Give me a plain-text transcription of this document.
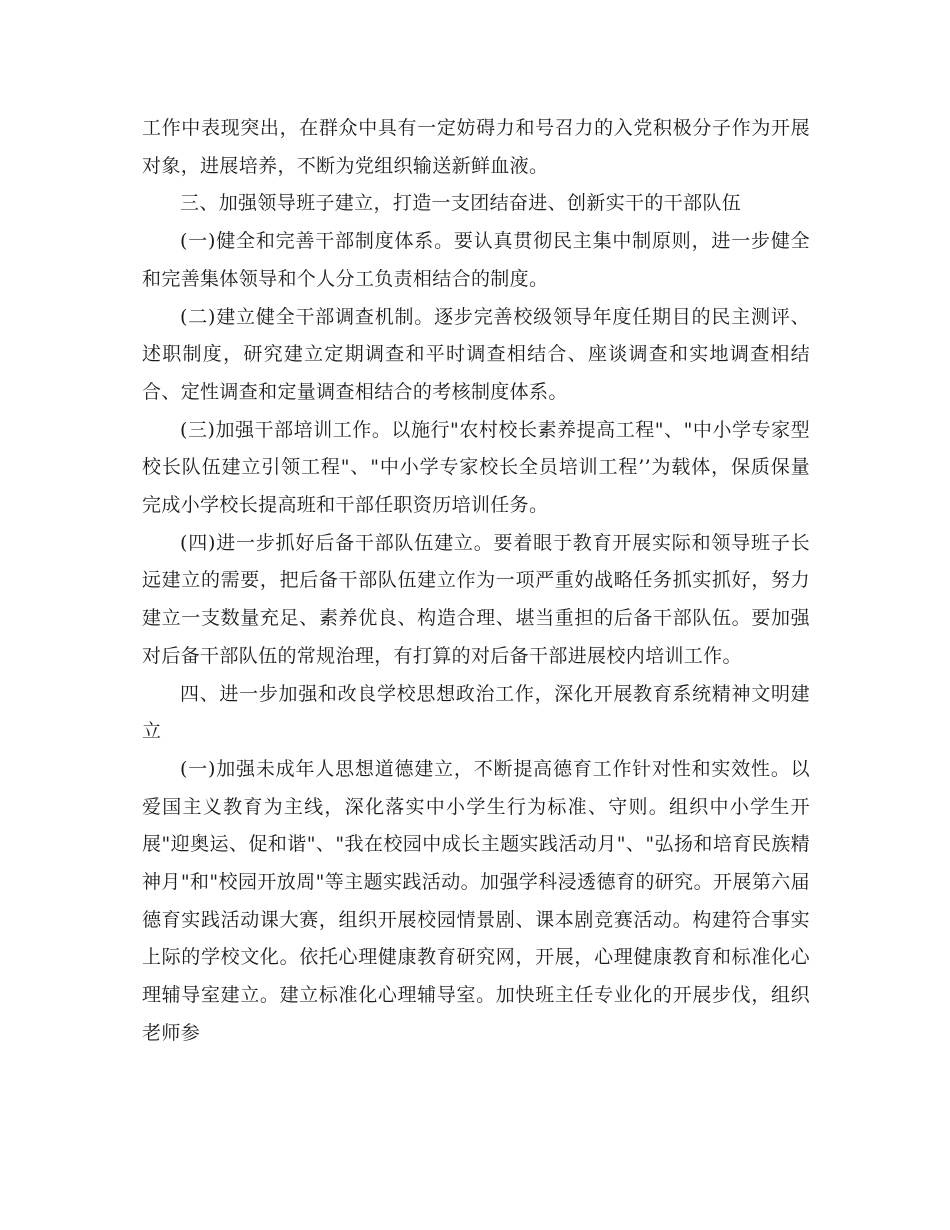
工作中表现突出，在群众中具有一定妨碍力和号召力的入党积极分子作为开展对象，进展培养，不断为党组织输送新鲜血液。

三、加强领导班子建立，打造一支团结奋进、创新实干的干部队伍

(一)健全和完善干部制度体系。要认真贯彻民主集中制原则，进一步健全和完善集体领导和个人分工负责相结合的制度。

(二)建立健全干部调查机制。逐步完善校级领导年度任期目的民主测评、述职制度，研究建立定期调查和平时调查相结合、座谈调查和实地调查相结合、定性调查和定量调查相结合的考核制度体系。

(三)加强干部培训工作。以施行"农村校长素养提高工程"、"中小学专家型校长队伍建立引领工程"、"中小学专家校长全员培训工程’’为载体，保质保量完成小学校长提高班和干部任职资历培训任务。

(四)进一步抓好后备干部队伍建立。要着眼于教育开展实际和领导班子长远建立的需要，把后备干部队伍建立作为一项严重妁战略任务抓实抓好，努力建立一支数量充足、素养优良、构造合理、堪当重担的后备干部队伍。要加强对后备干部队伍的常规治理，有打算的对后备干部进展校内培训工作。

四、进一步加强和改良学校思想政治工作，深化开展教育系统精神文明建立

(一)加强未成年人思想道德建立，不断提高德育工作针对性和实效性。以爱国主义教育为主线，深化落实中小学生行为标准、守则。组织中小学生开展"迎奥运、促和谐"、"我在校园中成长主题实践活动月"、"弘扬和培育民族精神月"和"校园开放周"等主题实践活动。加强学科浸透德育的研究。开展第六届德育实践活动课大赛，组织开展校园情景剧、课本剧竞赛活动。构建符合事实上际的学校文化。依托心理健康教育研究网，开展，心理健康教育和标准化心理辅导室建立。建立标准化心理辅导室。加快班主任专业化的开展步伐，组织老师参
